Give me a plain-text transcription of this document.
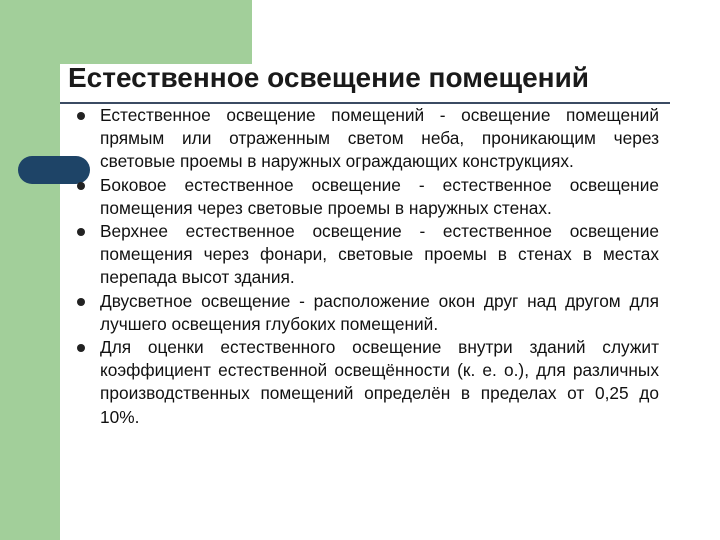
Естественное освещение помещений
Естественное освещение помещений - освещение помещений прямым или отраженным светом неба, проникающим через световые проемы в наружных ограждающих конструкциях.
Боковое естественное освещение - естественное освещение помещения через световые проемы в наружных стенах.
Верхнее естественное освещение - естественное освещение помещения через фонари, световые проемы в стенах в местах перепада высот здания.
Двусветное освещение - расположение окон друг над другом для лучшего освещения глубоких помещений.
Для оценки естественного освещение внутри зданий служит коэффициент естественной освещённости (к. е. о.), для различных производственных помещений определён в пределах от 0,25 до 10%.
